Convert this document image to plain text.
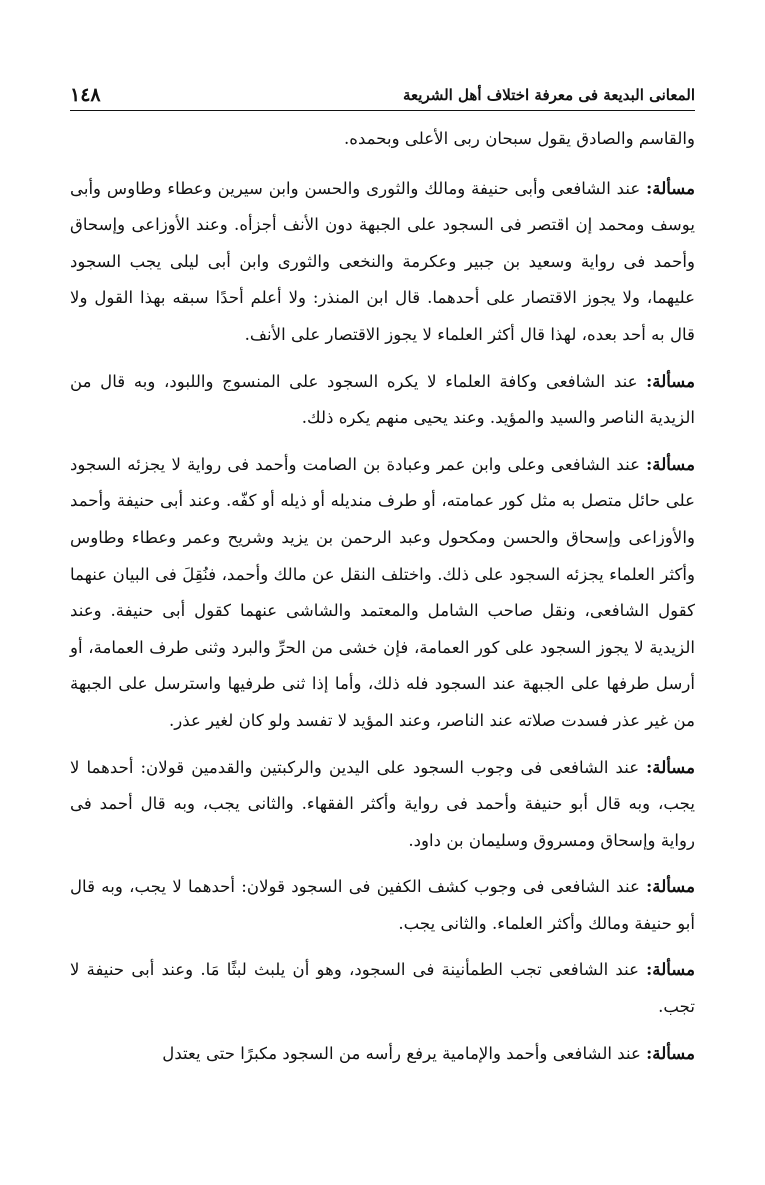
المعانى البديعة فى معرفة اختلاف أهل الشريعة
١٤٨

والقاسم والصادق يقول سبحان ربى الأعلى وبحمده.

مسألة: عند الشافعى وأبى حنيفة ومالك والثورى والحسن وابن سيرين وعطاء وطاوس وأبى يوسف ومحمد إن اقتصر فى السجود على الجبهة دون الأنف أجزأه. وعند الأوزاعى وإسحاق وأحمد فى رواية وسعيد بن جبير وعكرمة والنخعى والثورى وابن أبى ليلى يجب السجود عليهما، ولا يجوز الاقتصار على أحدهما. قال ابن المنذر: ولا أعلم أحدًا سبقه بهذا القول ولا قال به أحد بعده، لهذا قال أكثر العلماء لا يجوز الاقتصار على الأنف.

مسألة: عند الشافعى وكافة العلماء لا يكره السجود على المنسوج واللبود، وبه قال من الزيدية الناصر والسيد والمؤيد. وعند يحيى منهم يكره ذلك.

مسألة: عند الشافعى وعلى وابن عمر وعبادة بن الصامت وأحمد فى رواية لا يجزئه السجود على حائل متصل به مثل كور عمامته، أو طرف منديله أو ذيله أو كفّه. وعند أبى حنيفة وأحمد والأوزاعى وإسحاق والحسن ومكحول وعبد الرحمن بن يزيد وشريح وعمر وعطاء وطاوس وأكثر العلماء يجزئه السجود على ذلك. واختلف النقل عن مالك وأحمد، فنُقِلَ فى البيان عنهما كقول الشافعى، ونقل صاحب الشامل والمعتمد والشاشى عنهما كقول أبى حنيفة. وعند الزيدية لا يجوز السجود على كور العمامة، فإن خشى من الحرِّ والبرد وثنى طرف العمامة، أو أرسل طرفها على الجبهة عند السجود فله ذلك، وأما إذا ثنى طرفيها واسترسل على الجبهة من غير عذر فسدت صلاته عند الناصر، وعند المؤيد لا تفسد ولو كان لغير عذر.

مسألة: عند الشافعى فى وجوب السجود على اليدين والركبتين والقدمين قولان: أحدهما لا يجب، وبه قال أبو حنيفة وأحمد فى رواية وأكثر الفقهاء. والثانى يجب، وبه قال أحمد فى رواية وإسحاق ومسروق وسليمان بن داود.

مسألة: عند الشافعى فى وجوب كشف الكفين فى السجود قولان: أحدهما لا يجب، وبه قال أبو حنيفة ومالك وأكثر العلماء. والثانى يجب.

مسألة: عند الشافعى تجب الطمأنينة فى السجود، وهو أن يلبث لبثًا مَا. وعند أبى حنيفة لا تجب.

مسألة: عند الشافعى وأحمد والإمامية يرفع رأسه من السجود مكبرًا حتى يعتدل
